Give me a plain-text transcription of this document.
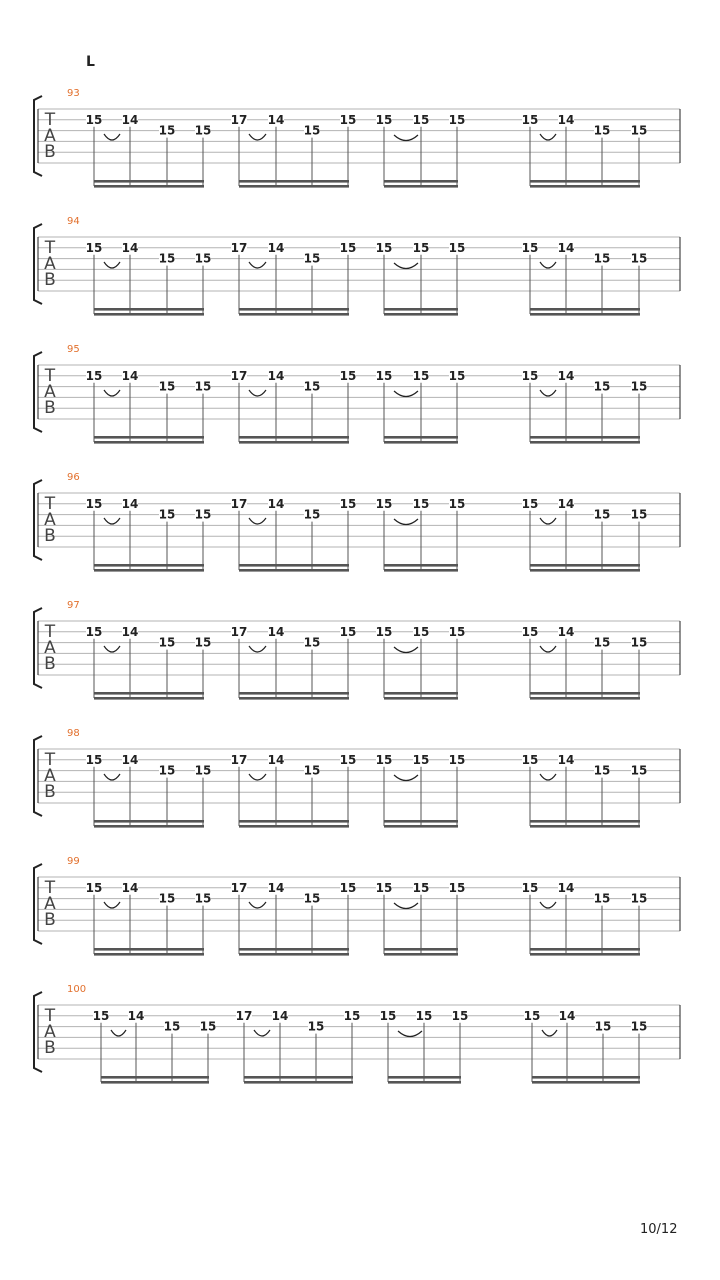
L
93
T
A
B
15 14
15 15
17 14
15
15 15 15 15	15 14
15 15
94
T
A
B
15 14
15 15
17 14
15
15 15 15 15	15 14
15 15
95
T
A
B
15 14
15 15
17 14
15
15 15 15 15	15 14
15 15
96
T
A
B
15 14
15 15
17 14
15
15 15 15 15	15 14
15 15
97
T
A
B
15 14
15 15
17 14
15
15 15 15 15	15 14
15 15
98
T
A
B
15 14
15 15
17 14
15
15 15 15 15	15 14
15 15
99
T
A
B
15 14
15 15
17 14
15
15 15 15 15	15 14
15 15
100
T
A
B
15 14
15 15
17 14
15
15 15 15 15	15 14
15 15
10/12
